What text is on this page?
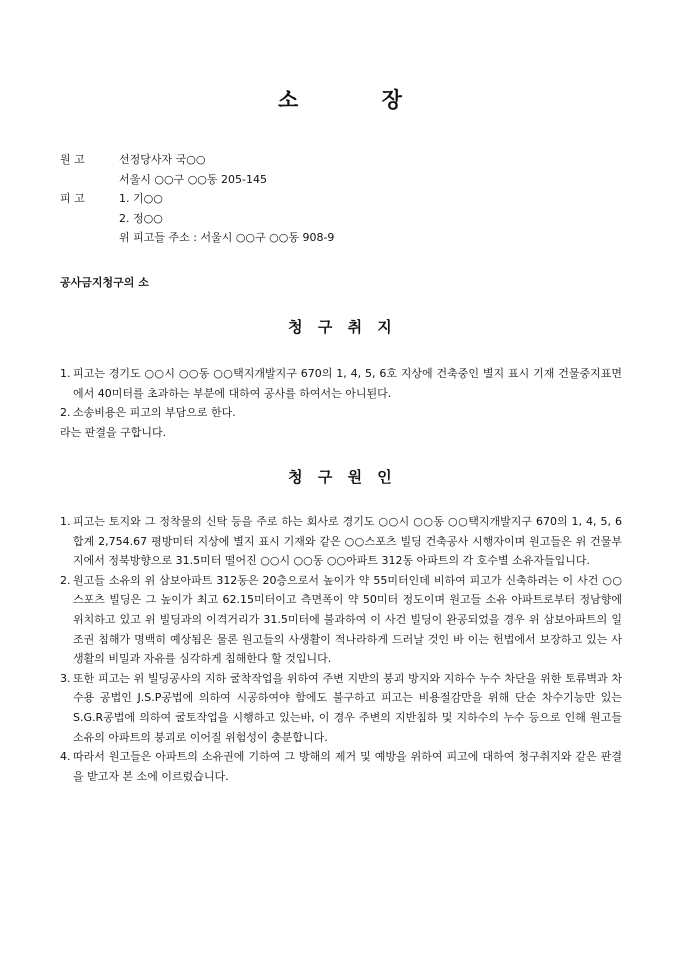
소 장
원 고	선정당사자 국○○
서울시 ○○구 ○○동 205-145
피 고	1. 기○○
2. 정○○
위 피고들 주소 : 서울시 ○○구 ○○동 908-9

공사금지청구의 소

청 구 취 지
1. 피고는 경기도 ○○시 ○○동 ○○택지개발지구 670의 1, 4, 5, 6호 지상에 건축중인 별지 표시 기재 건물중지표면에서 40미터를 초과하는 부분에 대하여 공사를 하여서는 아니된다.
2. 소송비용은 피고의 부담으로 한다.

라는 판결을 구합니다.

청 구 원 인
1. 피고는 토지와 그 정착물의 신탁 등을 주로 하는 회사로 경기도 ○○시 ○○동 ○○택지개발지구 670의 1, 4, 5, 6 합계 2,754.67 평방미터 지상에 별지 표시 기재와 같은 ○○스포츠 빌딩 건축공사 시행자이며 원고들은 위 건물부지에서 정북방향으로 31.5미터 떨어진 ○○시 ○○동 ○○아파트 312동 아파트의 각 호수별 소유자들입니다.
2. 원고들 소유의 위 삼보아파트 312동은 20층으로서 높이가 약 55미터인데 비하여 피고가 신축하려는 이 사건 ○○스포츠 빌딩은 그 높이가 최고 62.15미터이고 측면폭이 약 50미터 정도이며 원고들 소유 아파트로부터 정남향에 위치하고 있고 위 빌딩과의 이격거리가 31.5미터에 불과하여 이 사건 빌딩이 완공되었을 경우 위 삼보아파트의 일조권 침해가 명백히 예상됨은 물론 원고들의 사생활이 적나라하게 드러날 것인 바 이는 헌법에서 보장하고 있는 사생활의 비밀과 자유를 심각하게 침해한다 할 것입니다.
3. 또한 피고는 위 빌딩공사의 지하 굴착작업을 위하여 주변 지반의 붕괴 방지와 지하수 누수 차단을 위한 토류벽과 차수용 공법인 J.S.P공법에 의하여 시공하여야 함에도 불구하고 피고는 비용절감만을 위해 단순 차수기능만 있는 S.G.R공법에 의하여 굴토작업을 시행하고 있는바, 이 경우 주변의 지반침하 및 지하수의 누수 등으로 인해 원고들 소유의 아파트의 붕괴로 이어질 위험성이 충분합니다.
4. 따라서 원고들은 아파트의 소유권에 기하여 그 방해의 제거 및 예방을 위하여 피고에 대하여 청구취지와 같은 판결을 받고자 본 소에 이르렀습니다.
